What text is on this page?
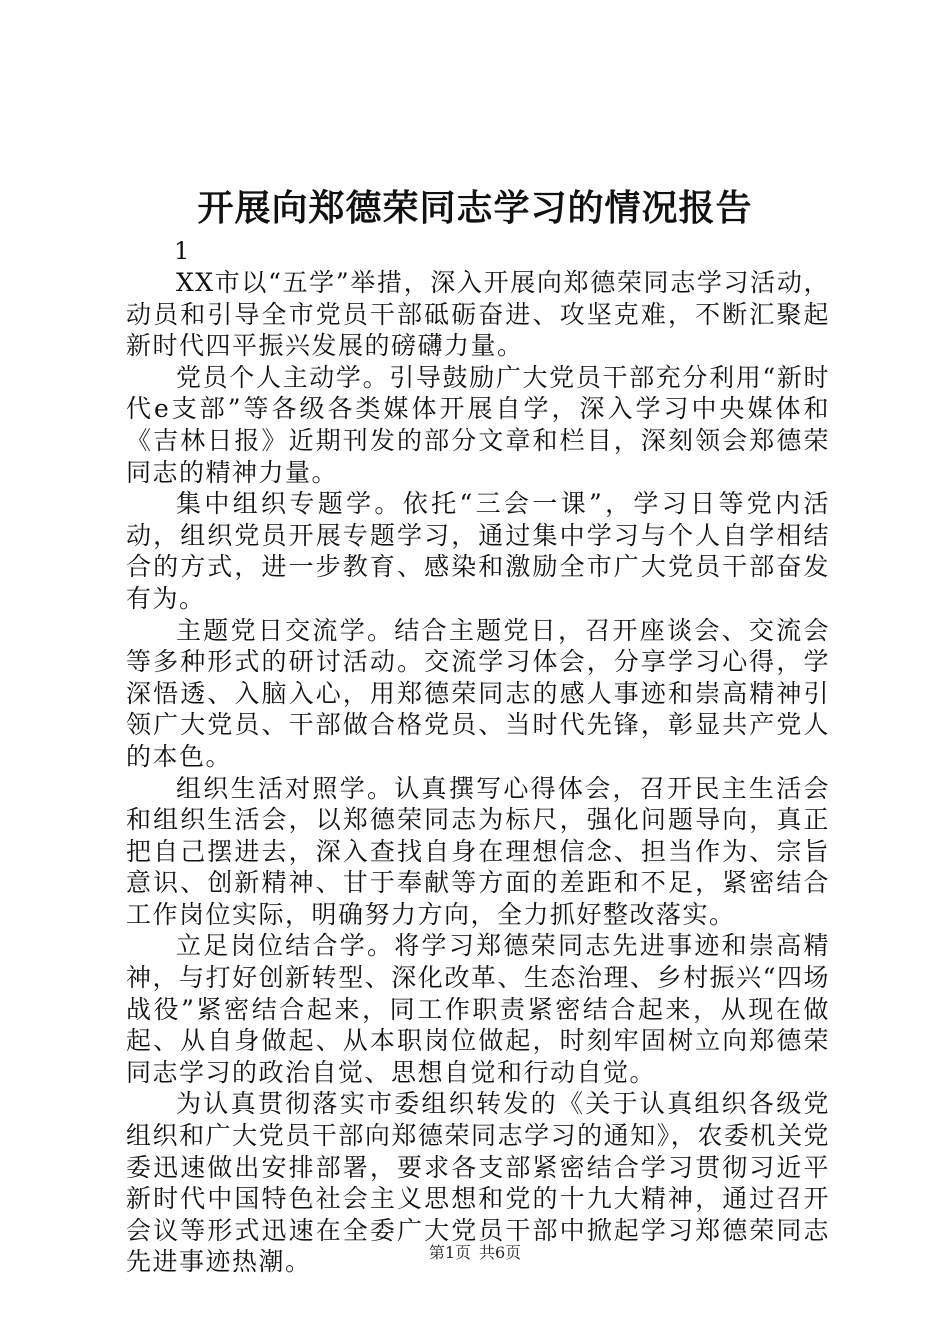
开展向郑德荣同志学习的情况报告
1

XX市以“五学”举措，深入开展向郑德荣同志学习活动，动员和引导全市党员干部砥砺奋进、攻坚克难，不断汇聚起新时代四平振兴发展的磅礴力量。

党员个人主动学。引导鼓励广大党员干部充分利用“新时代e支部”等各级各类媒体开展自学，深入学习中央媒体和《吉林日报》近期刊发的部分文章和栏目，深刻领会郑德荣同志的精神力量。

集中组织专题学。依托“三会一课”，学习日等党内活动，组织党员开展专题学习，通过集中学习与个人自学相结合的方式，进一步教育、感染和激励全市广大党员干部奋发有为。

主题党日交流学。结合主题党日，召开座谈会、交流会等多种形式的研讨活动。交流学习体会，分享学习心得，学深悟透、入脑入心，用郑德荣同志的感人事迹和崇高精神引领广大党员、干部做合格党员、当时代先锋，彰显共产党人的本色。

组织生活对照学。认真撰写心得体会，召开民主生活会和组织生活会，以郑德荣同志为标尺，强化问题导向，真正把自己摆进去，深入查找自身在理想信念、担当作为、宗旨意识、创新精神、甘于奉献等方面的差距和不足，紧密结合工作岗位实际，明确努力方向，全力抓好整改落实。

立足岗位结合学。将学习郑德荣同志先进事迹和崇高精神，与打好创新转型、深化改革、生态治理、乡村振兴“四场战役”紧密结合起来，同工作职责紧密结合起来，从现在做起、从自身做起、从本职岗位做起，时刻牢固树立向郑德荣同志学习的政治自觉、思想自觉和行动自觉。

为认真贯彻落实市委组织转发的《关于认真组织各级党组织和广大党员干部向郑德荣同志学习的通知》，农委机关党委迅速做出安排部署，要求各支部紧密结合学习贯彻习近平新时代中国特色社会主义思想和党的十九大精神，通过召开会议等形式迅速在全委广大党员干部中掀起学习郑德荣同志先进事迹热潮。	第1页 共6页
